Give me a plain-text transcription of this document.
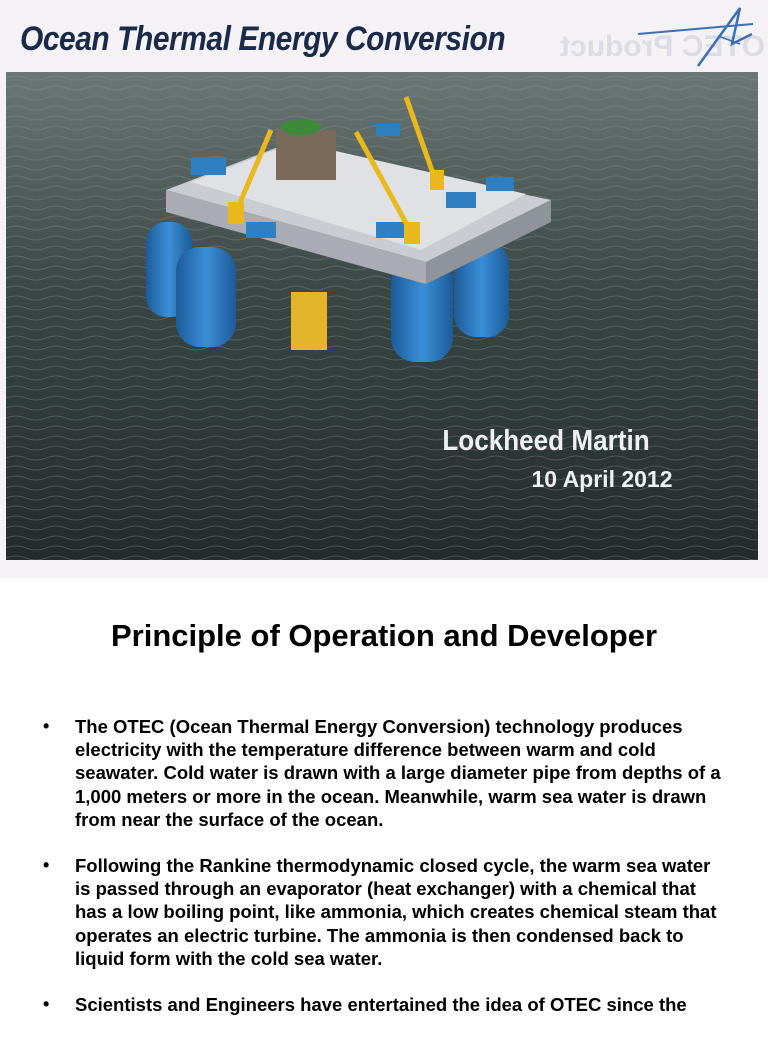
OTEC Product
Ocean Thermal Energy Conversion
Lockheed Martin
10 April 2012
Principle of Operation and Developer
• The OTEC (Ocean Thermal Energy Conversion) technology produces electricity with the temperature difference between warm and cold seawater. Cold water is drawn with a large diameter pipe from depths of a 1,000 meters or more in the ocean. Meanwhile, warm sea water is drawn from near the surface of the ocean.
• Following the Rankine thermodynamic closed cycle, the warm sea water is passed through an evaporator (heat exchanger) with a chemical that has a low boiling point, like ammonia, which creates chemical steam that operates an electric turbine. The ammonia is then condensed back to liquid form with the cold sea water.
• Scientists and Engineers have entertained the idea of OTEC since the
